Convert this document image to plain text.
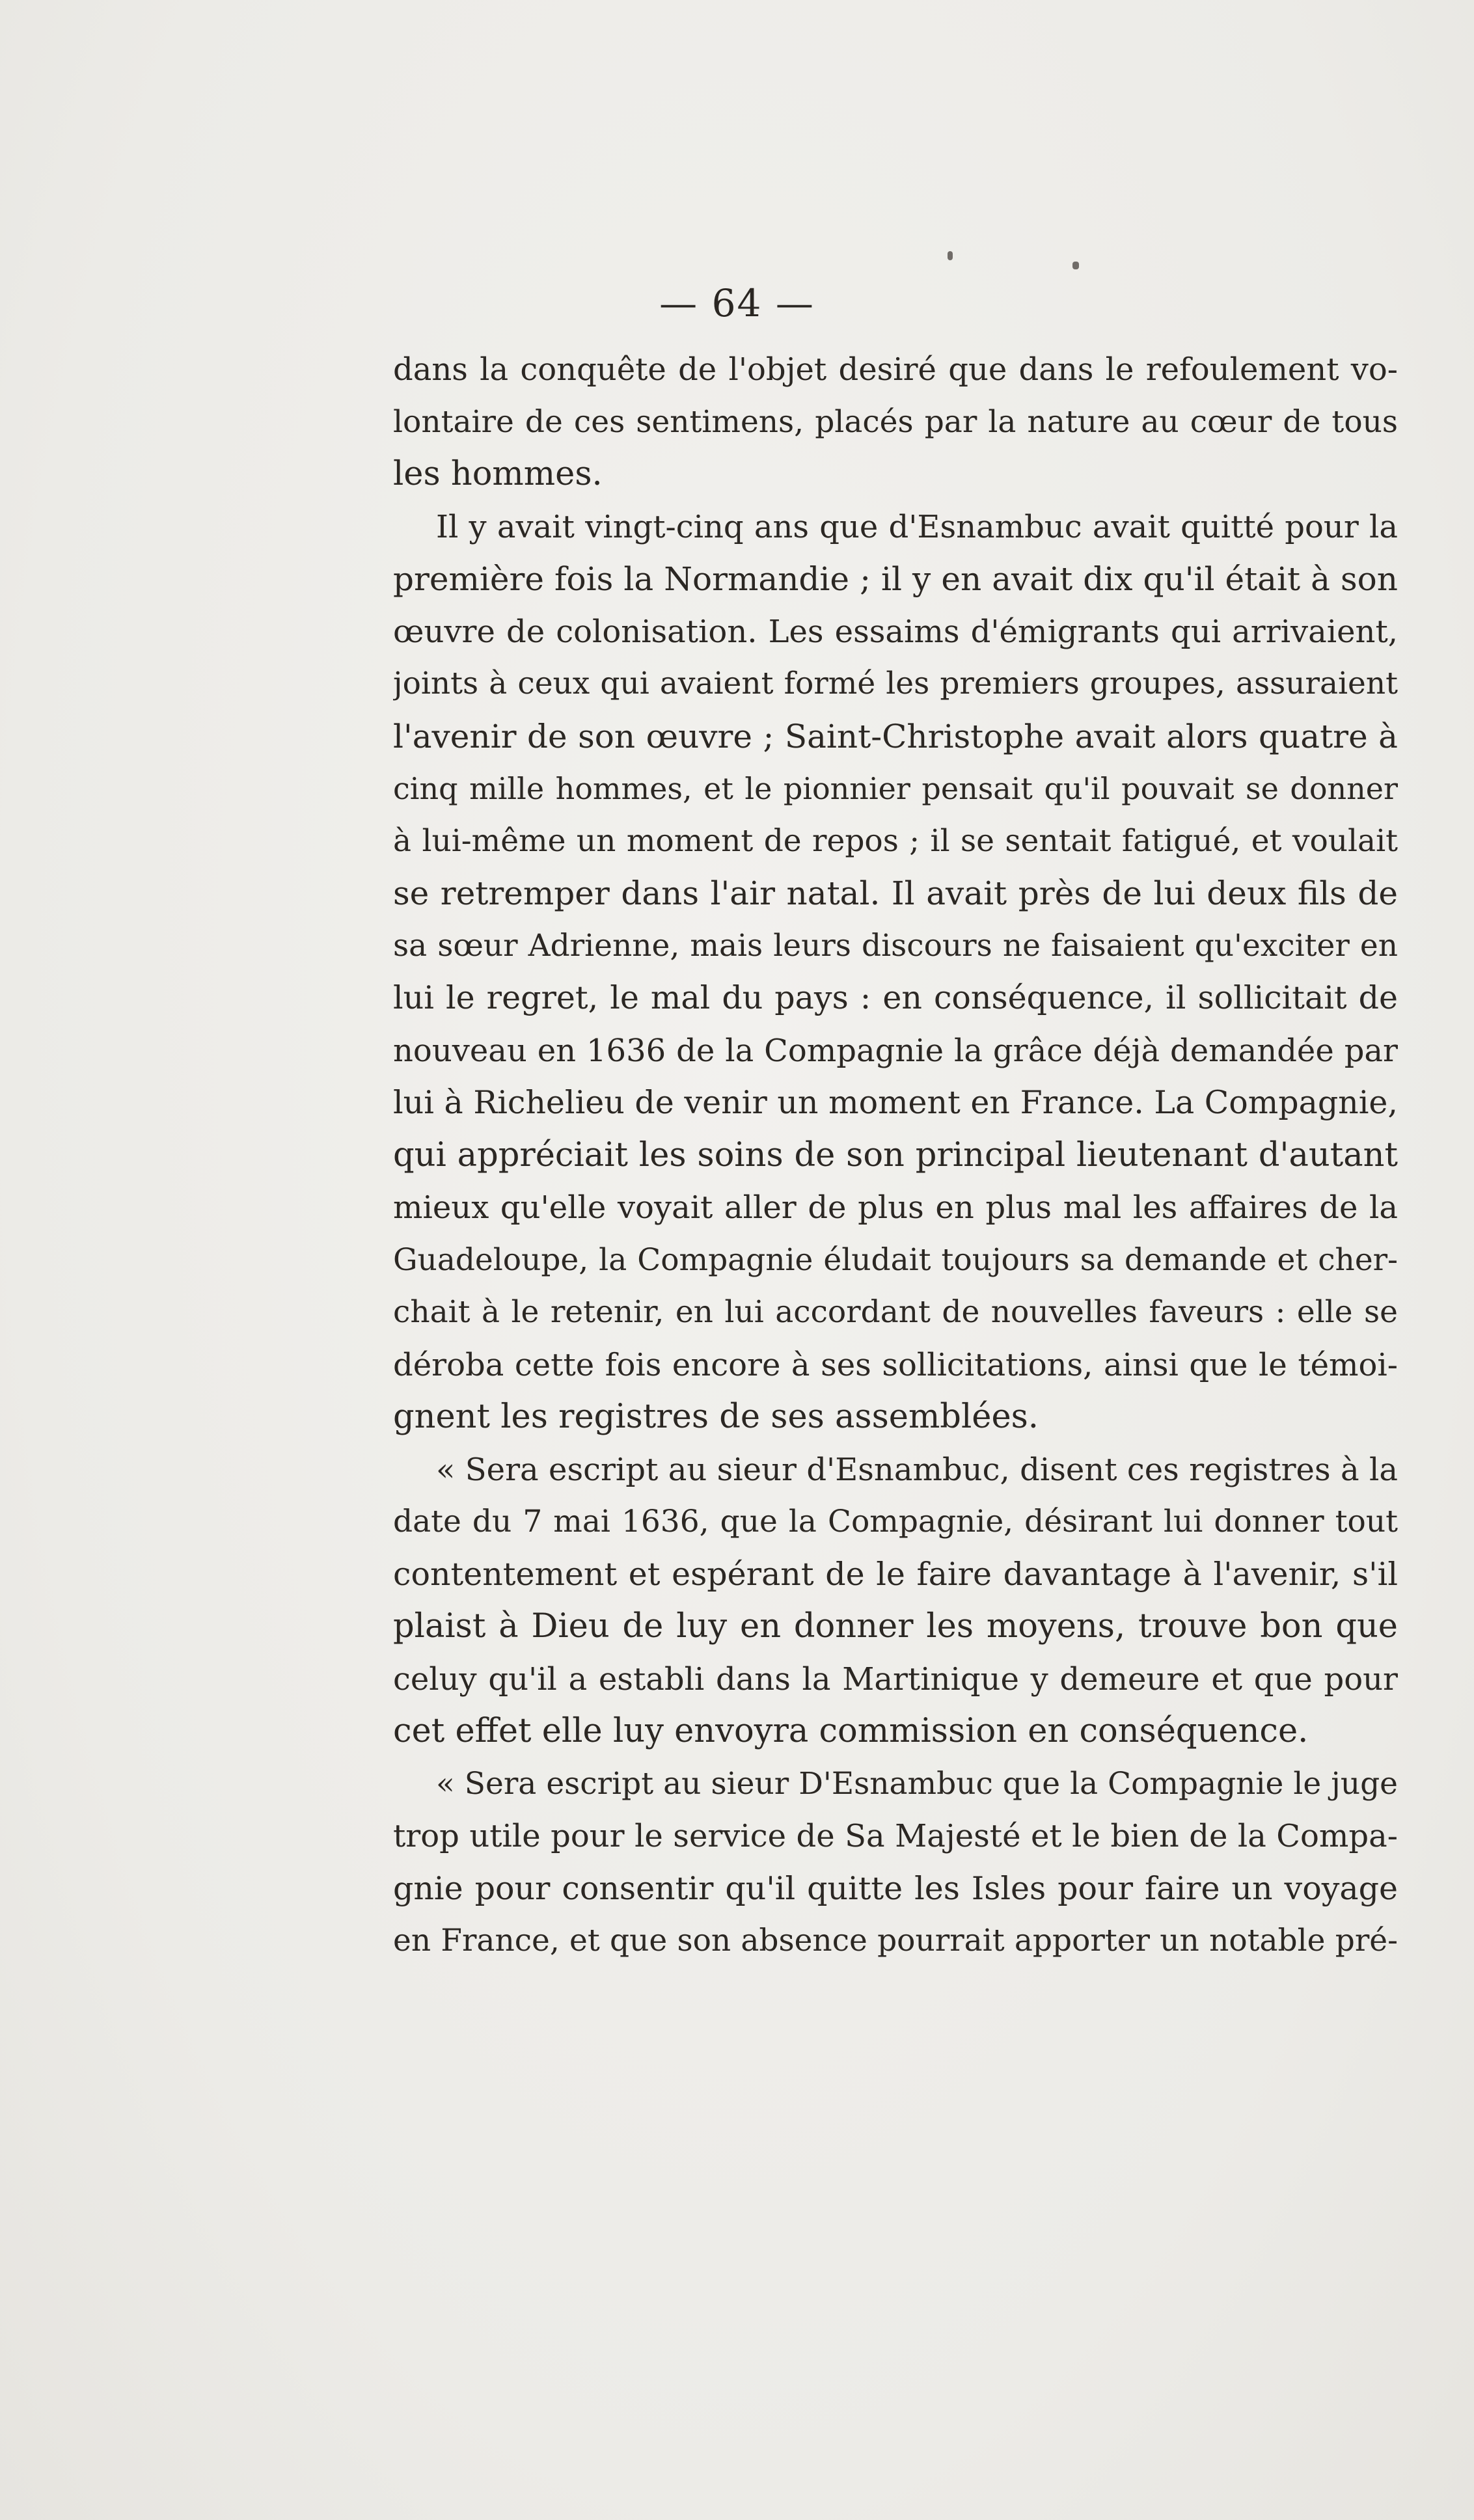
— 64 —
dans la conquête de l'objet desiré que dans le refoulement vo-
lontaire de ces sentimens, placés par la nature au cœur de tous
les hommes.
Il y avait vingt-cinq ans que d'Esnambuc avait quitté pour la
première fois la Normandie ; il y en avait dix qu'il était à son
œuvre de colonisation. Les essaims d'émigrants qui arrivaient,
joints à ceux qui avaient formé les premiers groupes, assuraient
l'avenir de son œuvre ; Saint-Christophe avait alors quatre à
cinq mille hommes, et le pionnier pensait qu'il pouvait se donner
à lui-même un moment de repos ; il se sentait fatigué, et voulait
se retremper dans l'air natal. Il avait près de lui deux fils de
sa sœur Adrienne, mais leurs discours ne faisaient qu'exciter en
lui le regret, le mal du pays : en conséquence, il sollicitait de
nouveau en 1636 de la Compagnie la grâce déjà demandée par
lui à Richelieu de venir un moment en France. La Compagnie,
qui appréciait les soins de son principal lieutenant d'autant
mieux qu'elle voyait aller de plus en plus mal les affaires de la
Guadeloupe, la Compagnie éludait toujours sa demande et cher-
chait à le retenir, en lui accordant de nouvelles faveurs : elle se
déroba cette fois encore à ses sollicitations, ainsi que le témoi-
gnent les registres de ses assemblées.
« Sera escript au sieur d'Esnambuc, disent ces registres à la
date du 7 mai 1636, que la Compagnie, désirant lui donner tout
contentement et espérant de le faire davantage à l'avenir, s'il
plaist à Dieu de luy en donner les moyens, trouve bon que
celuy qu'il a establi dans la Martinique y demeure et que pour
cet effet elle luy envoyra commission en conséquence.
« Sera escript au sieur D'Esnambuc que la Compagnie le juge
trop utile pour le service de Sa Majesté et le bien de la Compa-
gnie pour consentir qu'il quitte les Isles pour faire un voyage
en France, et que son absence pourrait apporter un notable pré-
